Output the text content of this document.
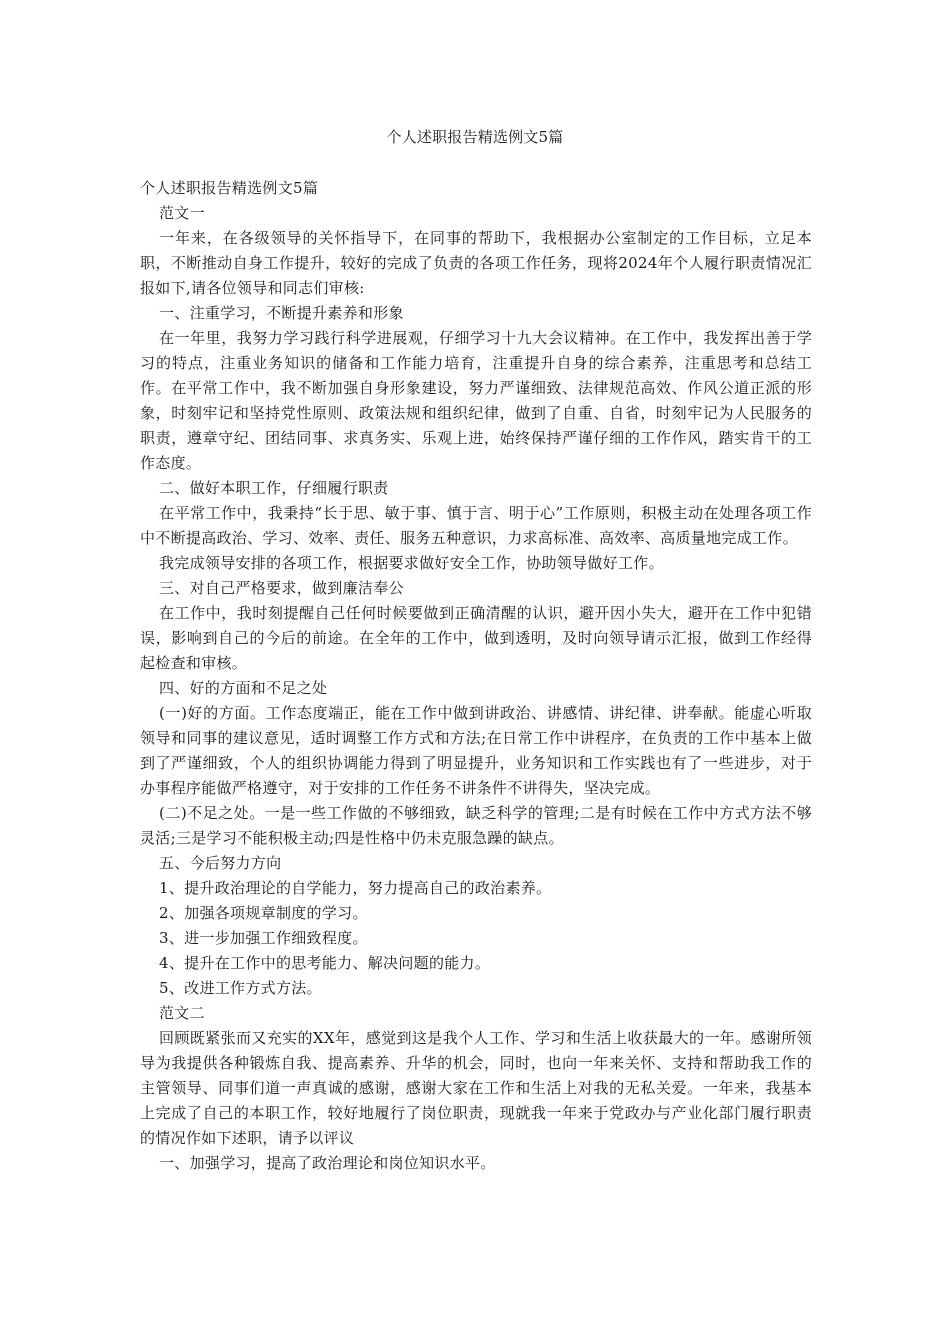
个人述职报告精选例文5篇

个人述职报告精选例文5篇

范文一

一年来，在各级领导的关怀指导下，在同事的帮助下，我根据办公室制定的工作目标，立足本职，不断推动自身工作提升，较好的完成了负责的各项工作任务，现将2024年个人履行职责情况汇报如下,请各位领导和同志们审核:

一、注重学习，不断提升素养和形象

在一年里，我努力学习践行科学进展观，仔细学习十九大会议精神。在工作中，我发挥出善于学习的特点，注重业务知识的储备和工作能力培育，注重提升自身的综合素养，注重思考和总结工作。在平常工作中，我不断加强自身形象建设，努力严谨细致、法律规范高效、作风公道正派的形象，时刻牢记和坚持党性原则、政策法规和组织纪律，做到了自重、自省，时刻牢记为人民服务的职责，遵章守纪、团结同事、求真务实、乐观上进，始终保持严谨仔细的工作作风，踏实肯干的工作态度。

二、做好本职工作，仔细履行职责

在平常工作中，我秉持“长于思、敏于事、慎于言、明于心”工作原则，积极主动在处理各项工作中不断提高政治、学习、效率、责任、服务五种意识，力求高标准、高效率、高质量地完成工作。

我完成领导安排的各项工作，根据要求做好安全工作，协助领导做好工作。

三、对自己严格要求，做到廉洁奉公

在工作中，我时刻提醒自己任何时候要做到正确清醒的认识，避开因小失大，避开在工作中犯错误，影响到自己的今后的前途。在全年的工作中，做到透明，及时向领导请示汇报，做到工作经得起检查和审核。

四、好的方面和不足之处

(一)好的方面。工作态度端正，能在工作中做到讲政治、讲感情、讲纪律、讲奉献。能虚心听取领导和同事的建议意见，适时调整工作方式和方法;在日常工作中讲程序，在负责的工作中基本上做到了严谨细致，个人的组织协调能力得到了明显提升，业务知识和工作实践也有了一些进步，对于办事程序能做严格遵守，对于安排的工作任务不讲条件不讲得失，坚决完成。

(二)不足之处。一是一些工作做的不够细致，缺乏科学的管理;二是有时候在工作中方式方法不够灵活;三是学习不能积极主动;四是性格中仍未克服急躁的缺点。

五、今后努力方向

1、提升政治理论的自学能力，努力提高自己的政治素养。

2、加强各项规章制度的学习。

3、进一步加强工作细致程度。

4、提升在工作中的思考能力、解决问题的能力。

5、改进工作方式方法。

范文二

回顾既紧张而又充实的XX年，感觉到这是我个人工作、学习和生活上收获最大的一年。感谢所领导为我提供各种锻炼自我、提高素养、升华的机会，同时，也向一年来关怀、支持和帮助我工作的主管领导、同事们道一声真诚的感谢，感谢大家在工作和生活上对我的无私关爱。一年来，我基本上完成了自己的本职工作，较好地履行了岗位职责，现就我一年来于党政办与产业化部门履行职责的情况作如下述职，请予以评议

一、加强学习，提高了政治理论和岗位知识水平。
